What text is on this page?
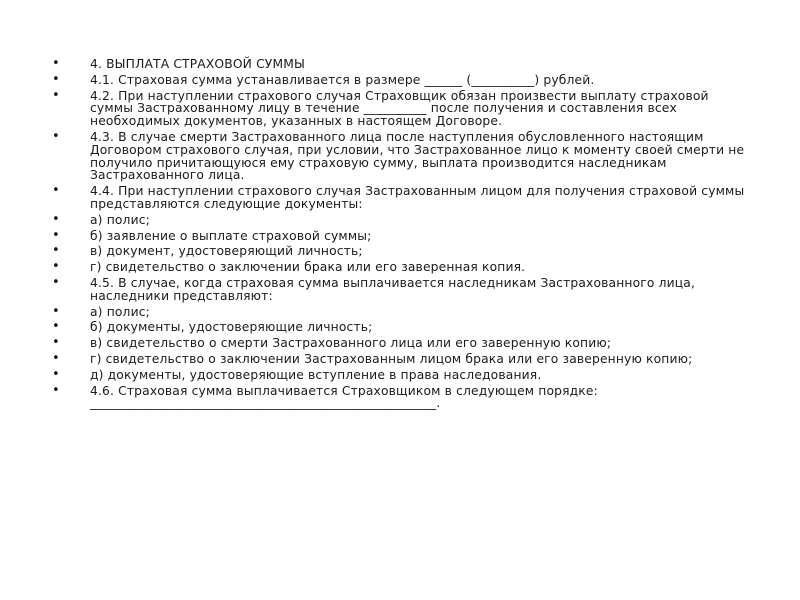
• 4. ВЫПЛАТА СТРАХОВОЙ СУММЫ
• 4.1. Страховая сумма устанавливается в размере ______ (__________) рублей.
• 4.2. При наступлении страхового случая Страховщик обязан произвести выплату страховой суммы Застрахованному лицу в течение __________ после получения и составления всех необходимых документов, указанных в настоящем Договоре.
• 4.3. В случае смерти Застрахованного лица после наступления обусловленного настоящим Договором страхового случая, при условии, что Застрахованное лицо к моменту своей смерти не получило причитающуюся ему страховую сумму, выплата производится наследникам Застрахованного лица.
• 4.4. При наступлении страхового случая Застрахованным лицом для получения страховой суммы представляются следующие документы:
• а) полис;
• б) заявление о выплате страховой суммы;
• в) документ, удостоверяющий личность;
• г) свидетельство о заключении брака или его заверенная копия.
• 4.5. В случае, когда страховая сумма выплачивается наследникам Застрахованного лица, наследники представляют:
• а) полис;
• б) документы, удостоверяющие личность;
• в) свидетельство о смерти Застрахованного лица или его заверенную копию;
• г) свидетельство о заключении Застрахованным лицом брака или его заверенную копию;
• д) документы, удостоверяющие вступление в права наследования.
• 4.6. Страховая сумма выплачивается Страховщиком в следующем порядке: _______________________________________________________.
